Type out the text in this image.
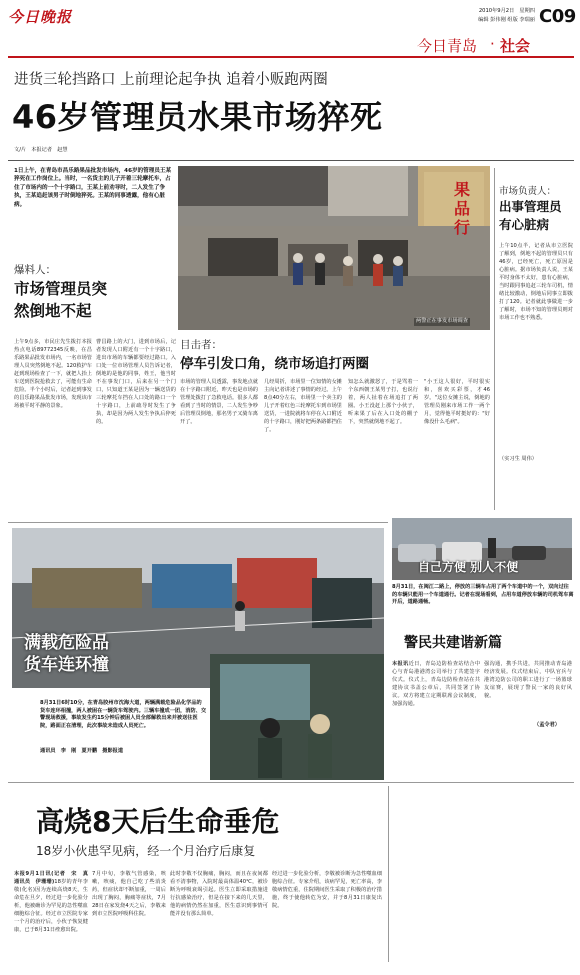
今日晚报	2010年9月2日　星期四
编辑 彭伟刚 组版 李瑞丽 C09
今日青岛 · 社会
进货三轮挡路口 上前理论起争执 追着小贩跑两圈
46岁管理员水果市场猝死
文/片　本报记者　赵慧
1日上午，在青岛市昌乐路果品批发市场内，46岁的管理员王某猝死在工作岗位上。当时，一名货主的儿子开着三轮摩托车，占住了市场内的一个十字路口，王某上前劝导时，二人发生了争执，王某追赶该男子时倒地猝死。王某的同事透露，他有心脏病。
果
品
行
两警正在事发市场调查
爆料人：
市场管理员突然倒地不起
上午9点多，市民庄先生拨打本报热点电话89772345反映，在昌乐路果品批发市场内，一名市场管理人员突然倒地不起。120救护车赶到现场检查了一下，就把人抬上车送到医院抢救去了，可能有生命危险。半个小时后，记者赶到事发的昌乐路果品批发市场，发现该市场被平时平静的景象。
曹昌路上的大门，进到市场后，记者发现人口附近有一个十字路口，进出市场的车辆都要经过路口。入口处一位市场管理人员告诉记者，倒地的是他的同事，姓王，他当时不在事发门口，后来在另一个门口，只知道王某是因为一辆送货的三轮摩托车挡在人口处的路口一个十字路口，上前疏导时发生了争执，却是因为两人发生争执后猝死的。
目击者：
停车引发口角，绕市场追打两圈
市场的管理人员透露，事发地点就在十字路口附近，昨天也是市场的管理处拨打了急救电话。很多人都看到了当时的情景，二人发生争吵后管理员倒地，那名男子又骑车离开了。
几经周折，市场里一位知情的女摊主向记者讲述了事情的经过。上午8点40分左右，市场里一个卖主的儿子开着红色三轮摩托车到市场里送货，一进院就将车停在入口附近的十字路口，刚好把两条路都挡住了。
知怎么就激怒了，于是骂着一个东西朝王某男子打，也说行着，两人扯着在场追打了两圈。小王没赶上那个小伙子，听来果了后在入口处的棚子下，突然就倒地不起了。
"小王这人很好，平时很实和，喜欢买彩票，才46岁。"这位女摊主说，倒地的管理员刚来市场工作一两个月，觉得他平时挺好的："好像没什么毛病"。
市场负责人：
出事管理员有心脏病
上午10点半，记者从市立医院了解到，倒地不起的管理员只有46岁，已经死亡，死亡原因是心脏病。据市场负责人说，王某平时身体不太好，患有心脏病，当时跟同事追赶三轮车司机，情绪比较激动，倒地后同事立即拨打了120。记者就此事做进一步了解时，市场不知的管理员则对市场工作也不熟悉。
（实习生 周伟）
自己方便 别人不便
8月31日，在闽江二路上，停放的三辆车占用了两个车道中的一个，双向过往的车辆只能用一个车道通行。记者在现场看到，占用车道停放车辆的司机驾车离开后，道路通畅。
满载危险品
货车连环撞
8月31日6时10分，在青岛胶州市沈海大道，两辆满载危险品化学品的货车连环相撞，两人被困在一辆货车驾驶内。三辆车撞成一团，消防、交警现场救援，事故发生约15分钟后被困人员全部解救出来并被送往医院，路面正在清理，此次事故未造成人员死亡。
通讯员　李　刚　夏开鹏　摄影报道
警民共建谐新篇
本报讯近日，青岛边防检查站结合中心与青岛港港湾公司举行了共建签字仪式。仪式上，青岛边防检查站在共建协议书盖公章后，共同签署了协议。双方将建立定期联席会议制度，加强沟通。
强沟通，携手共进，共同推动青岛港经济发展。仪式结束后，中队官兵与港湾边防公司的职工进行了一场篮球友谊赛，展现了警民一家的良好风貌。
（孟令君）
高烧8天后生命垂危
18岁小伙患罕见病，经一个月治疗后康复
本报9月1日讯(记者　宋　真　通讯员　伊珊珊)18岁的青年李敬(化名)因为连续高烧8天，生命危在旦夕，经过进一步化验分析，他被确诊为罕见的急性噬血细胞综合征。经过市立医院专家一个月的治疗后，小伙子恢复健康，已于8月31日痊愈出院。
7月中旬，李敬气管感染，咳嗽，咳痰，他自己吃了些消炎药，但症状却不断加重，一周后出现了胸闷，胸痛等症状，7月28日在家发烧4天之后，李敬来到市立医院呼吸科住院。
此时李敬不仅胸痛，胸闷，而且在夜间都看不清事物，入院时最高体温40℃，被诊断为呼吸衰竭引起。医生立即采取措施进行抗感染治疗，但是在接下来的几天里，他的病情仍然在加重，医生意识到事情可能并没有那么简单。
经过进一步化验分析，李敬被诊断为急性噬血细胞综合征。专家介绍，该病罕见，死亡率高，李敬病情危重，住院期间医生采取了积极的治疗措施，终于使他转危为安，并于8月31日康复出院。
